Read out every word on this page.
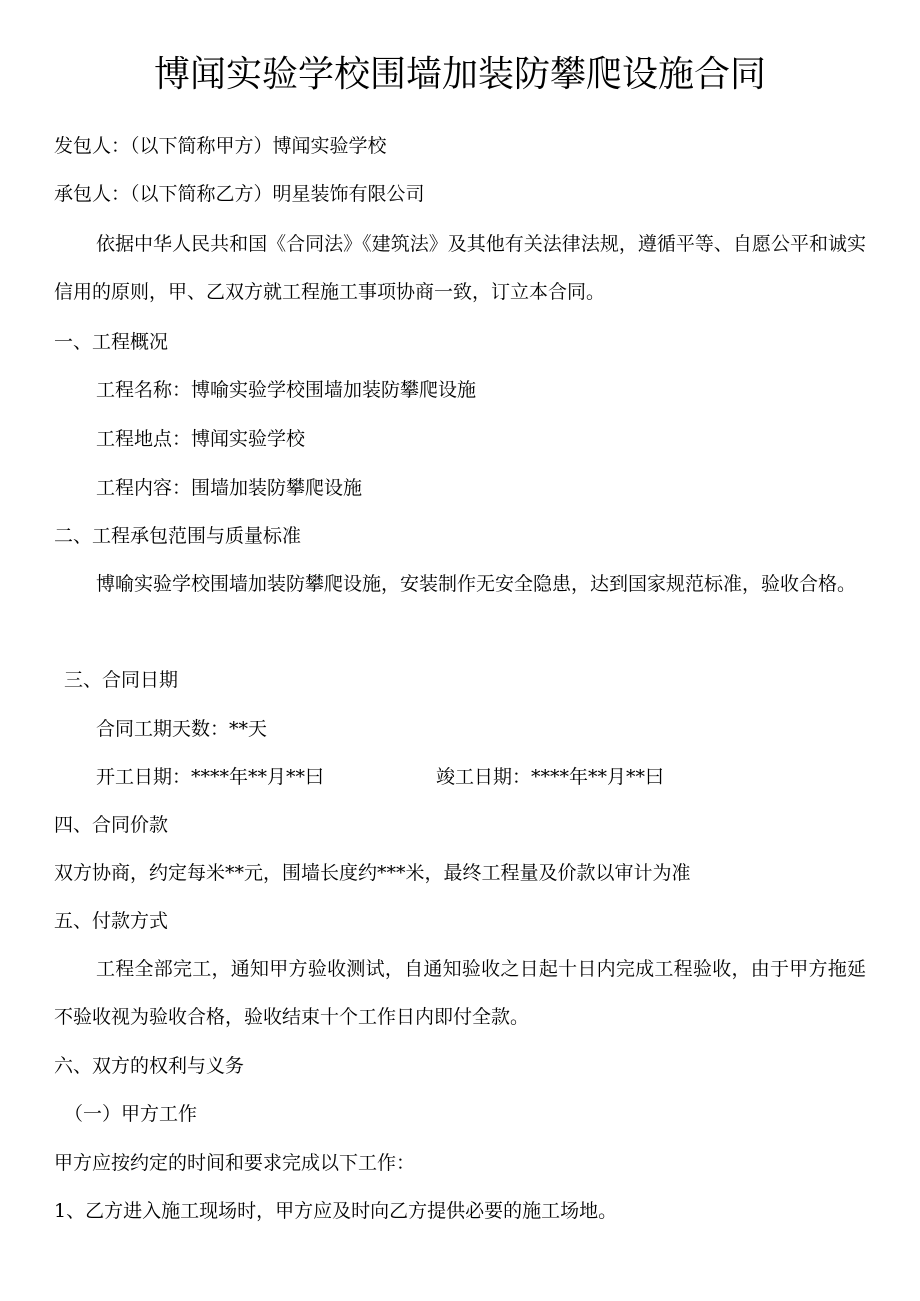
博闻实验学校围墙加装防攀爬设施合同
发包人：（以下简称甲方）博闻实验学校
承包人：（以下简称乙方）明星装饰有限公司
依据中华人民共和国《合同法》《建筑法》及其他有关法律法规，遵循平等、自愿公平和诚实信用的原则，甲、乙双方就工程施工事项协商一致，订立本合同。
一、工程概况
工程名称：博喻实验学校围墙加装防攀爬设施
工程地点：博闻实验学校
工程内容：围墙加装防攀爬设施
二、工程承包范围与质量标准
博喻实验学校围墙加装防攀爬设施，安装制作无安全隐患，达到国家规范标准，验收合格。
三、合同日期
合同工期天数：**天
开工日期：****年**月**曰	竣工日期：****年**月**曰
四、合同价款
双方协商，约定每米**元，围墙长度约***米，最终工程量及价款以审计为准
五、付款方式
工程全部完工，通知甲方验收测试，自通知验收之日起十日内完成工程验收，由于甲方拖延不验收视为验收合格，验收结束十个工作日内即付全款。
六、双方的权利与义务
（一）甲方工作
甲方应按约定的时间和要求完成以下工作：
1、乙方进入施工现场时，甲方应及时向乙方提供必要的施工场地。
